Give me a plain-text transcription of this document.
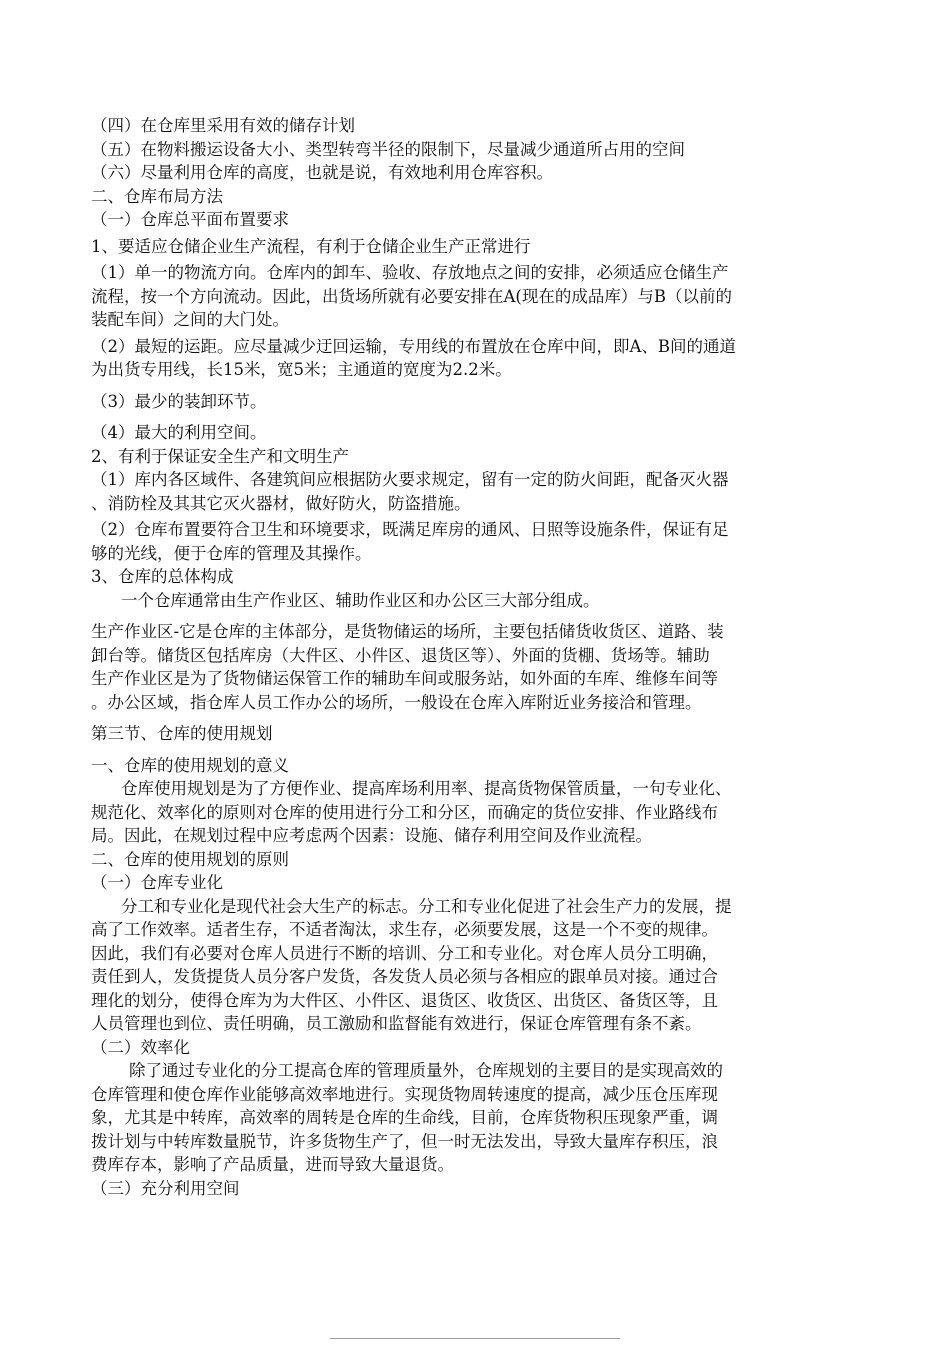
（四）在仓库里采用有效的储存计划
（五）在物料搬运设备大小、类型转弯半径的限制下，尽量减少通道所占用的空间
（六）尽量利用仓库的高度，也就是说，有效地利用仓库容积。
二、仓库布局方法
（一）仓库总平面布置要求
1、要适应仓储企业生产流程，有利于仓储企业生产正常进行
（1）单一的物流方向。仓库内的卸车、验收、存放地点之间的安排，必须适应仓储生产
流程，按一个方向流动。因此，出货场所就有必要安排在A(现在的成品库）与B（以前的
装配车间）之间的大门处。
（2）最短的运距。应尽量减少迂回运输，专用线的布置放在仓库中间，即A、B间的通道
为出货专用线，长15米，宽5米；主通道的宽度为2.2米。
（3）最少的装卸环节。
（4）最大的利用空间。
2、有利于保证安全生产和文明生产
（1）库内各区域件、各建筑间应根据防火要求规定，留有一定的防火间距，配备灭火器
、消防栓及其其它灭火器材，做好防火，防盗措施。
（2）仓库布置要符合卫生和环境要求，既满足库房的通风、日照等设施条件，保证有足
够的光线，便于仓库的管理及其操作。
3、仓库的总体构成
一个仓库通常由生产作业区、辅助作业区和办公区三大部分组成。
生产作业区-它是仓库的主体部分，是货物储运的场所，主要包括储货收货区、道路、装
卸台等。储货区包括库房（大件区、小件区、退货区等）、外面的货棚、货场等。辅助
生产作业区是为了货物储运保管工作的辅助车间或服务站，如外面的车库、维修车间等
。办公区域，指仓库人员工作办公的场所，一般设在仓库入库附近业务接洽和管理。
第三节、仓库的使用规划
一、仓库的使用规划的意义
仓库使用规划是为了方便作业、提高库场利用率、提高货物保管质量，一句专业化、
规范化、效率化的原则对仓库的使用进行分工和分区，而确定的货位安排、作业路线布
局。因此，在规划过程中应考虑两个因素：设施、储存利用空间及作业流程。
二、仓库的使用规划的原则
（一）仓库专业化
分工和专业化是现代社会大生产的标志。分工和专业化促进了社会生产力的发展，提
高了工作效率。适者生存，不适者淘汰，求生存，必须要发展，这是一个不变的规律。
因此，我们有必要对仓库人员进行不断的培训、分工和专业化。对仓库人员分工明确，
责任到人，发货提货人员分客户发货，各发货人员必须与各相应的跟单员对接。通过合
理化的划分，使得仓库为为大件区、小件区、退货区、收货区、出货区、备货区等，且
人员管理也到位、责任明确，员工激励和监督能有效进行，保证仓库管理有条不紊。
（二）效率化
除了通过专业化的分工提高仓库的管理质量外，仓库规划的主要目的是实现高效的
仓库管理和使仓库作业能够高效率地进行。实现货物周转速度的提高，减少压仓压库现
象，尤其是中转库，高效率的周转是仓库的生命线，目前，仓库货物积压现象严重，调
拨计划与中转库数量脱节，许多货物生产了，但一时无法发出，导致大量库存积压，浪
费库存本，影响了产品质量，进而导致大量退货。
（三）充分利用空间
